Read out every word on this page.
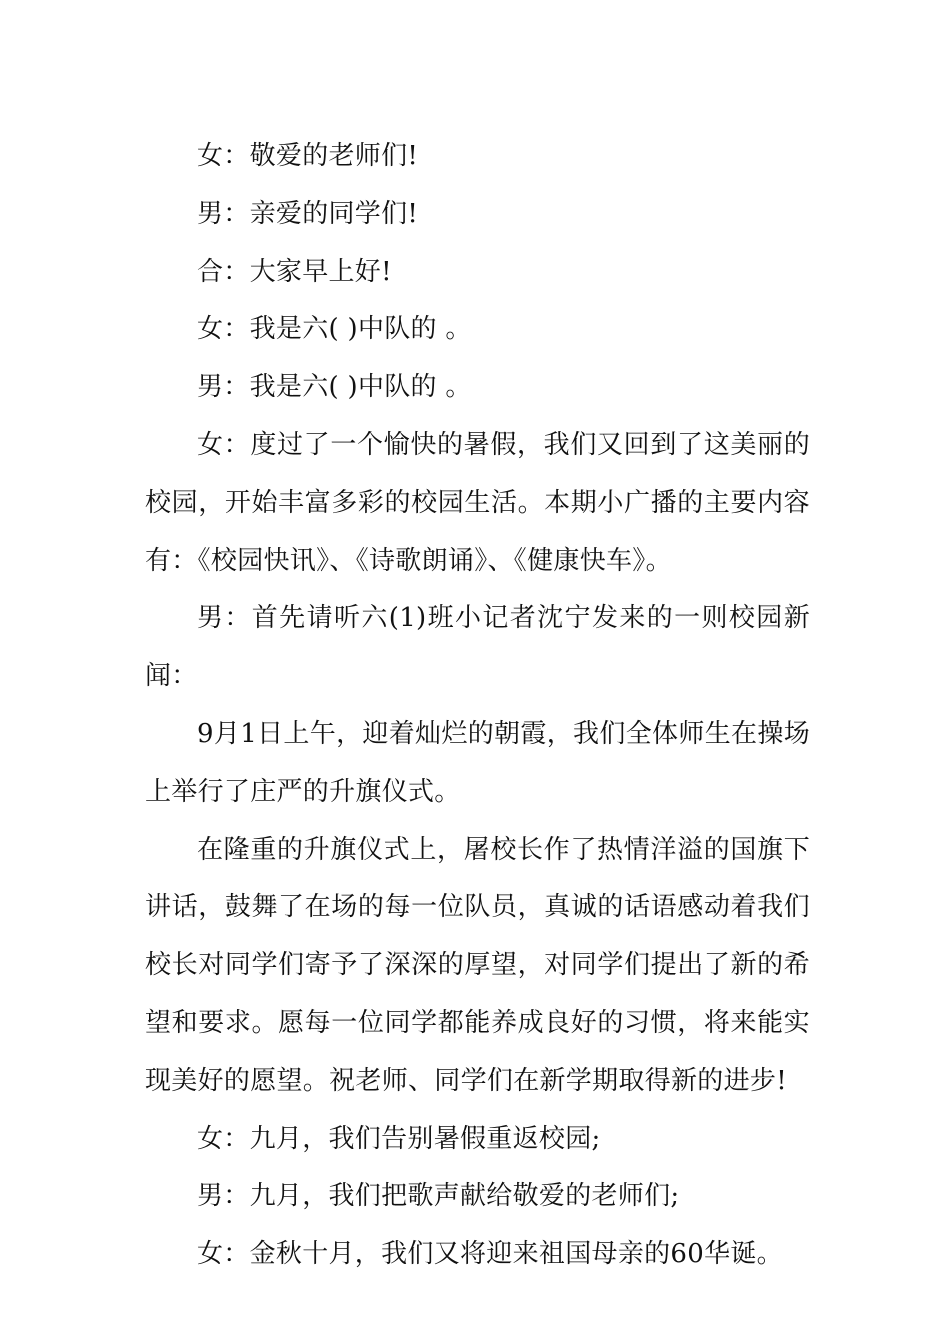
女：敬爱的老师们!

男：亲爱的同学们!

合：大家早上好!

女：我是六( )中队的 。

男：我是六( )中队的 。

女：度过了一个愉快的暑假，我们又回到了这美丽的校园，开始丰富多彩的校园生活。本期小广播的主要内容有：《校园快讯》、《诗歌朗诵》、《健康快车》。

男：首先请听六(1)班小记者沈宁发来的一则校园新闻：

9月1日上午，迎着灿烂的朝霞，我们全体师生在操场上举行了庄严的升旗仪式。

在隆重的升旗仪式上，屠校长作了热情洋溢的国旗下讲话，鼓舞了在场的每一位队员，真诚的话语感动着我们校长对同学们寄予了深深的厚望，对同学们提出了新的希望和要求。愿每一位同学都能养成良好的习惯，将来能实现美好的愿望。祝老师、同学们在新学期取得新的进步!

女：九月，我们告别暑假重返校园;

男：九月，我们把歌声献给敬爱的老师们;

女：金秋十月，我们又将迎来祖国母亲的60华诞。
